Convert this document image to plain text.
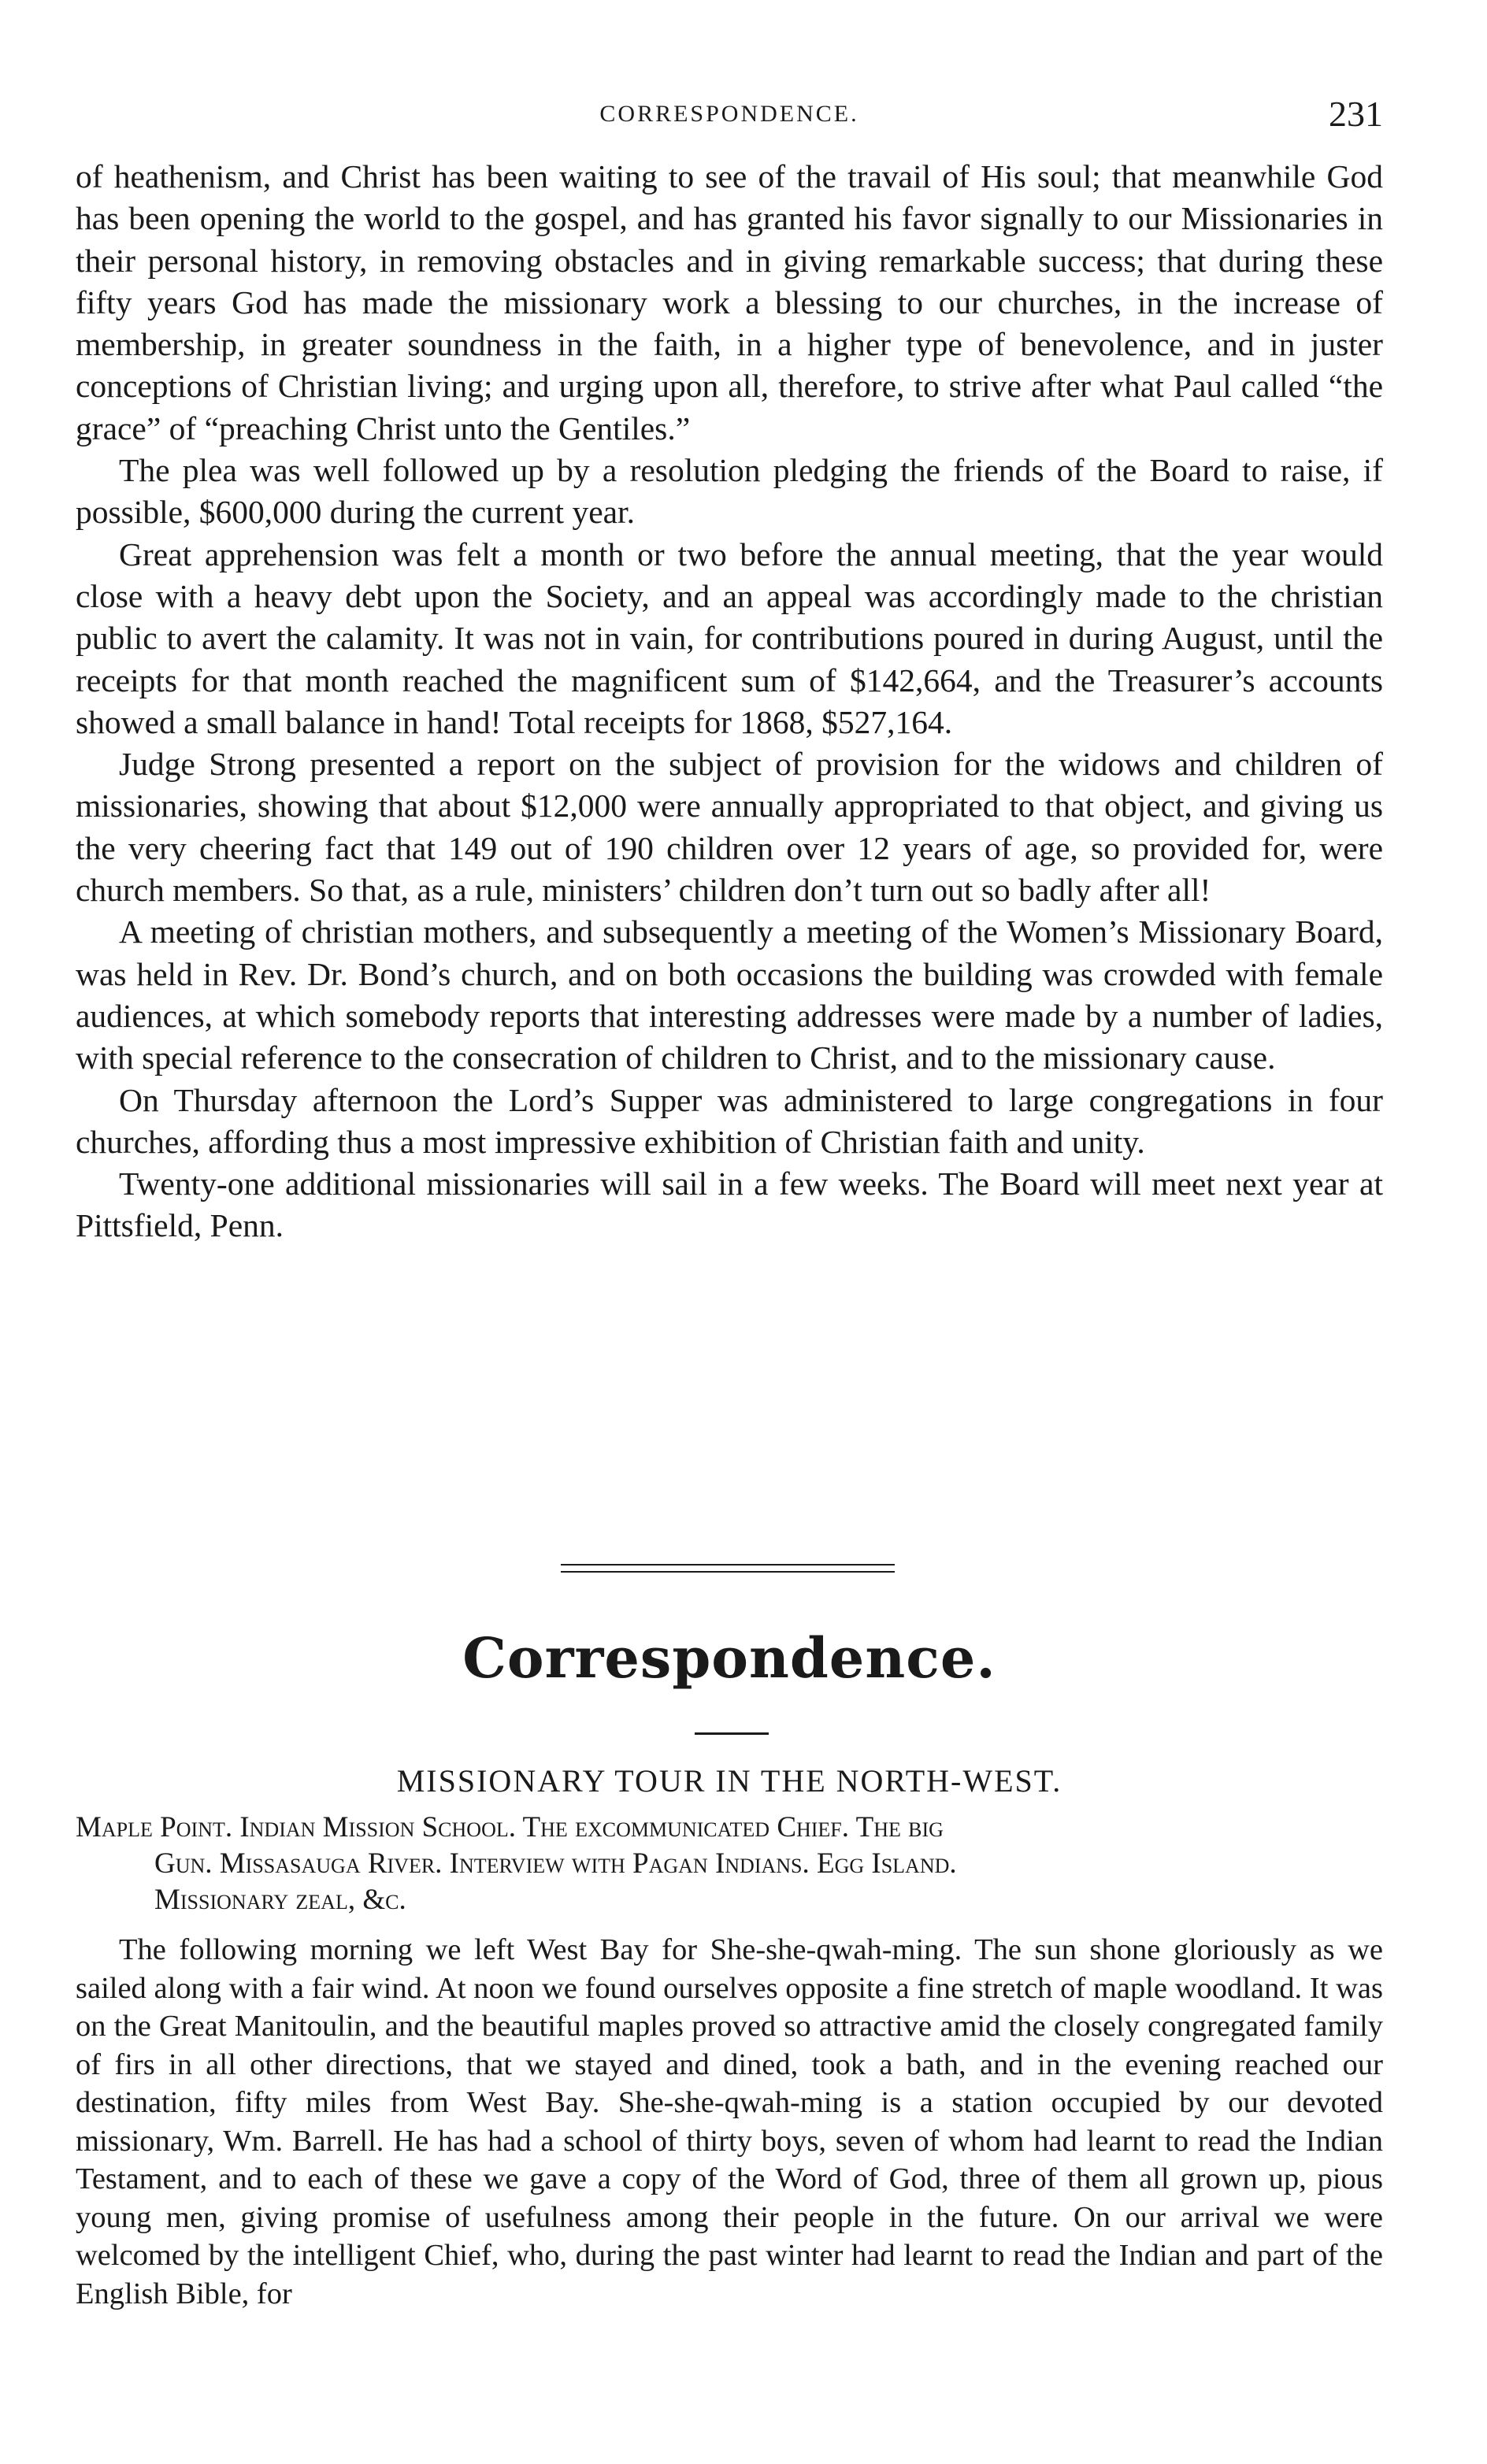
CORRESPONDENCE.	231

of heathenism, and Christ has been waiting to see of the travail of His soul; that meanwhile God has been opening the world to the gospel, and has granted his favor signally to our Missionaries in their personal history, in removing obstacles and in giving remarkable success; that during these fifty years God has made the missionary work a blessing to our churches, in the increase of membership, in greater soundness in the faith, in a higher type of benevolence, and in juster conceptions of Christian living; and urging upon all, therefore, to strive after what Paul called “the grace” of “preaching Christ unto the Gentiles.”

The plea was well followed up by a resolution pledging the friends of the Board to raise, if possible, $600,000 during the current year.

Great apprehension was felt a month or two before the annual meeting, that the year would close with a heavy debt upon the Society, and an appeal was accordingly made to the christian public to avert the calamity. It was not in vain, for contributions poured in during August, until the receipts for that month reached the magnificent sum of $142,664, and the Treasurer’s accounts showed a small balance in hand! Total receipts for 1868, $527,164.

Judge Strong presented a report on the subject of provision for the widows and children of missionaries, showing that about $12,000 were annually appropriated to that object, and giving us the very cheering fact that 149 out of 190 children over 12 years of age, so provided for, were church members. So that, as a rule, ministers’ children don’t turn out so badly after all!

A meeting of christian mothers, and subsequently a meeting of the Women’s Missionary Board, was held in Rev. Dr. Bond’s church, and on both occasions the building was crowded with female audiences, at which somebody reports that interesting addresses were made by a number of ladies, with special reference to the consecration of children to Christ, and to the missionary cause.

On Thursday afternoon the Lord’s Supper was administered to large congregations in four churches, affording thus a most impressive exhibition of Christian faith and unity.

Twenty-one additional missionaries will sail in a few weeks. The Board will meet next year at Pittsfield, Penn.

Correspondence.
MISSIONARY TOUR IN THE NORTH-WEST.
Maple Point. Indian Mission School. The excommunicated Chief. The big
Gun. Missasauga River. Interview with Pagan Indians. Egg Island.
Missionary zeal, &c.

The following morning we left West Bay for She-she-qwah-ming. The sun shone gloriously as we sailed along with a fair wind. At noon we found ourselves opposite a fine stretch of maple woodland. It was on the Great Manitoulin, and the beautiful maples proved so attractive amid the closely congregated family of firs in all other directions, that we stayed and dined, took a bath, and in the evening reached our destination, fifty miles from West Bay. She-she-qwah-ming is a station occupied by our devoted missionary, Wm. Barrell. He has had a school of thirty boys, seven of whom had learnt to read the Indian Testament, and to each of these we gave a copy of the Word of God, three of them all grown up, pious young men, giving promise of usefulness among their people in the future. On our arrival we were welcomed by the intelligent Chief, who, during the past winter had learnt to read the Indian and part of the English Bible, for
